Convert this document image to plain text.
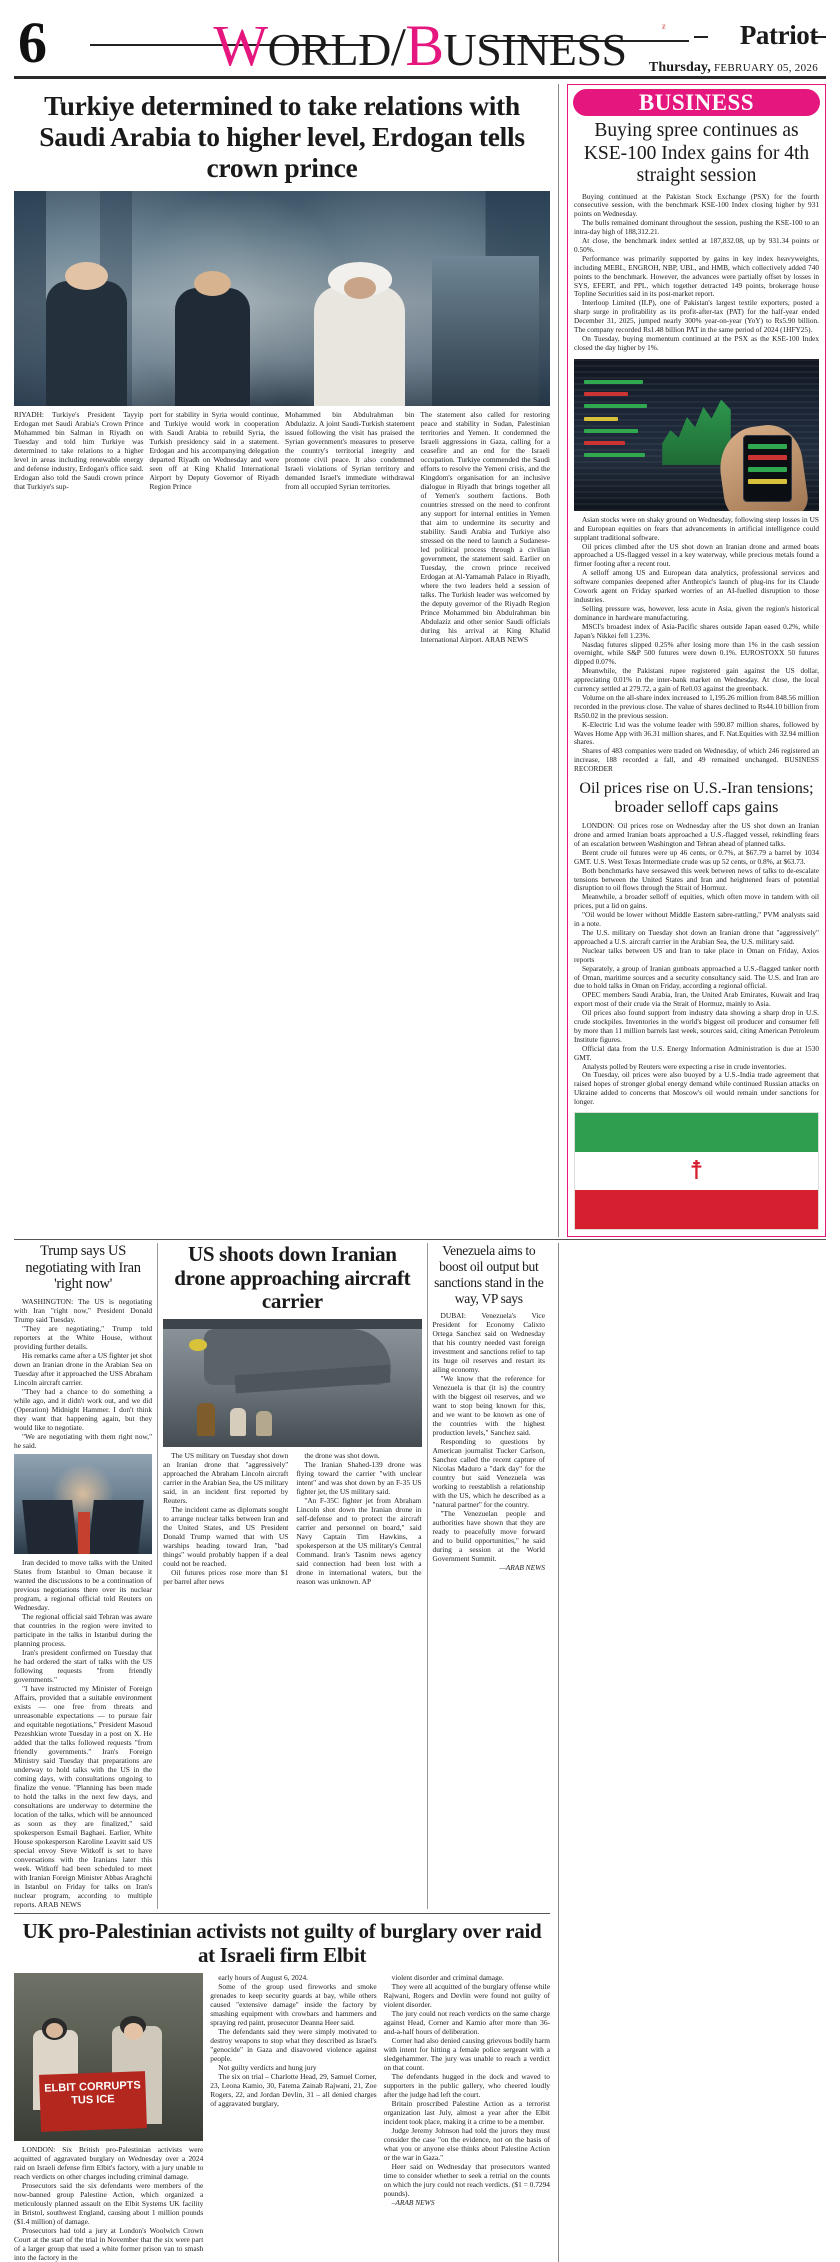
6	WORLD/BUSINESS	z	Patriot
Thursday, FEBRUARY 05, 2026
Turkiye determined to take relations with Saudi Arabia to higher level, Erdogan tells crown prince
RIYADH: Turkiye's President Tayyip Erdogan met Saudi Arabia's Crown Prince Mohammed bin Salman in Riyadh on Tuesday and told him Turkiye was determined to take relations to a higher level in areas including renewable energy and defense industry, Erdogan's office said. Erdogan also told the Saudi crown prince that Turkiye's sup-
port for stability in Syria would continue, and Turkiye would work in cooperation with Saudi Arabia to rebuild Syria, the Turkish presidency said in a statement. Erdogan and his accompanying delegation departed Riyadh on Wednesday and were seen off at King Khalid International Airport by Deputy Governor of Riyadh Region Prince
Mohammed bin Abdulrahman bin Abdulaziz. A joint Saudi-Turkish statement issued following the visit has praised the Syrian government's measures to preserve the country's territorial integrity and promote civil peace. It also condemned Israeli violations of Syrian territory and demanded Israel's immediate withdrawal from all occupied Syrian territories.
The statement also called for restoring peace and stability in Sudan, Palestinian territories and Yemen. It condemned the Israeli aggressions in Gaza, calling for a ceasefire and an end for the Israeli occupation. Turkiye commended the Saudi efforts to resolve the Yemeni crisis, and the Kingdom's organisation for an inclusive dialogue in Riyadh that brings together all of Yemen's southern factions. Both countries stressed on the need to confront any support for internal entities in Yemen that aim to undermine its security and stability. Saudi Arabia and Turkiye also stressed on the need to launch a Sudanese-led political process through a civilian government, the statement said. Earlier on Tuesday, the crown prince received Erdogan at Al-Yamamah Palace in Riyadh, where the two leaders held a session of talks. The Turkish leader was welcomed by the deputy governor of the Riyadh Region Prince Mohammed bin Abdulrahman bin Abdulaziz and other senior Saudi officials during his arrival at King Khalid International Airport. ARAB NEWS
BUSINESS
Buying spree continues as KSE-100 Index gains for 4th straight session

Buying continued at the Pakistan Stock Exchange (PSX) for the fourth consecutive session, with the benchmark KSE-100 Index closing higher by 931 points on Wednesday.

The bulls remained dominant throughout the session, pushing the KSE-100 to an intra-day high of 188,312.21.

At close, the benchmark index settled at 187,832.08, up by 931.34 points or 0.50%.

Performance was primarily supported by gains in key index heavyweights, including MEBL, ENGROH, NBP, UBL, and HMB, which collectively added 740 points to the benchmark. However, the advances were partially offset by losses in SYS, EFERT, and PPL, which together detracted 149 points, brokerage house Topline Securities said in its post-market report.

Interloop Limited (ILP), one of Pakistan's largest textile exporters, posted a sharp surge in profitability as its profit-after-tax (PAT) for the half-year ended December 31, 2025, jumped nearly 300% year-on-year (YoY) to Rs5.90 billion. The company recorded Rs1.48 billion PAT in the same period of 2024 (1HFY25).

On Tuesday, buying momentum continued at the PSX as the KSE-100 Index closed the day higher by 1%.

Asian stocks were on shaky ground on Wednesday, following steep losses in US and European equities on fears that advancements in artificial intelligence could supplant traditional software.

Oil prices climbed after the US shot down an Iranian drone and armed boats approached a US-flagged vessel in a key waterway, while precious metals found a firmer footing after a recent rout.

A selloff among US and European data analytics, professional services and software companies deepened after Anthropic's launch of plug-ins for its Claude Cowork agent on Friday sparked worries of an AI-fuelled disruption to those industries.

Selling pressure was, however, less acute in Asia, given the region's historical dominance in hardware manufacturing.

MSCI's broadest index of Asia-Pacific shares outside Japan eased 0.2%, while Japan's Nikkei fell 1.23%.

Nasdaq futures slipped 0.25% after losing more than 1% in the cash session overnight, while S&P 500 futures were down 0.1%. EUROSTOXX 50 futures dipped 0.07%.

Meanwhile, the Pakistani rupee registered gain against the US dollar, appreciating 0.01% in the inter-bank market on Wednesday. At close, the local currency settled at 279.72, a gain of Re0.03 against the greenback.

Volume on the all-share index increased to 1,195.26 million from 848.56 million recorded in the previous close. The value of shares declined to Rs44.10 billion from Rs50.02 in the previous session.

K-Electric Ltd was the volume leader with 590.87 million shares, followed by Waves Home App with 36.31 million shares, and F. Nat.Equities with 32.94 million shares.

Shares of 483 companies were traded on Wednesday, of which 246 registered an increase, 188 recorded a fall, and 49 remained unchanged. BUSINESS RECORDER

Oil prices rise on U.S.-Iran tensions; broader selloff caps gains

LONDON: Oil prices rose on Wednesday after the US shot down an Iranian drone and armed Iranian boats approached a U.S.-flagged vessel, rekindling fears of an escalation between Washington and Tehran ahead of planned talks.

Brent crude oil futures were up 46 cents, or 0.7%, at $67.79 a barrel by 1034 GMT. U.S. West Texas Intermediate crude was up 52 cents, or 0.8%, at $63.73.

Both benchmarks have seesawed this week between news of talks to de-escalate tensions between the United States and Iran and heightened fears of potential disruption to oil flows through the Strait of Hormuz.

Meanwhile, a broader selloff of equities, which often move in tandem with oil prices, put a lid on gains.

"Oil would be lower without Middle Eastern sabre-rattling," PVM analysts said in a note.

The U.S. military on Tuesday shot down an Iranian drone that "aggressively" approached a U.S. aircraft carrier in the Arabian Sea, the U.S. military said.

Nuclear talks between US and Iran to take place in Oman on Friday, Axios reports

Separately, a group of Iranian gunboats approached a U.S.-flagged tanker north of Oman, maritime sources and a security consultancy said. The U.S. and Iran are due to hold talks in Oman on Friday, according a regional official.

OPEC members Saudi Arabia, Iran, the United Arab Emirates, Kuwait and Iraq export most of their crude via the Strait of Hormuz, mainly to Asia.

Oil prices also found support from industry data showing a sharp drop in U.S. crude stockpiles. Inventories in the world's biggest oil producer and consumer fell by more than 11 million barrels last week, sources said, citing American Petroleum Institute figures.

Official data from the U.S. Energy Information Administration is due at 1530 GMT.

Analysts polled by Reuters were expecting a rise in crude inventories.

On Tuesday, oil prices were also buoyed by a U.S.-India trade agreement that raised hopes of stronger global energy demand while continued Russian attacks on Ukraine added to concerns that Moscow's oil would remain under sanctions for longer.

☨
Trump says US negotiating with Iran 'right now'

WASHINGTON: The US is negotiating with Iran "right now," President Donald Trump said Tuesday.

"They are negotiating," Trump told reporters at the White House, without providing further details.

His remarks came after a US fighter jet shot down an Iranian drone in the Arabian Sea on Tuesday after it approached the USS Abraham Lincoln aircraft carrier.

"They had a chance to do something a while ago, and it didn't work out, and we did (Operation) Midnight Hammer. I don't think they want that happening again, but they would like to negotiate.

"We are negotiating with them right now," he said.

Iran decided to move talks with the United States from Istanbul to Oman because it wanted the discussions to be a continuation of previous negotiations there over its nuclear program, a regional official told Reuters on Wednesday.

The regional official said Tehran was aware that countries in the region were invited to participate in the talks in Istanbul during the planning process.

Iran's president confirmed on Tuesday that he had ordered the start of talks with the US following requests "from friendly governments."

"I have instructed my Minister of Foreign Affairs, provided that a suitable environment exists — one free from threats and unreasonable expectations — to pursue fair and equitable negotiations," President Masoud Pezeshkian wrote Tuesday in a post on X. He added that the talks followed requests "from friendly governments." Iran's Foreign Ministry said Tuesday that preparations are underway to hold talks with the US in the coming days, with consultations ongoing to finalize the venue. "Planning has been made to hold the talks in the next few days, and consultations are underway to determine the location of the talks, which will be announced as soon as they are finalized," said spokesperson Esmail Baghaei. Earlier, White House spokesperson Karoline Leavitt said US special envoy Steve Witkoff is set to have conversations with the Iranians later this week. Witkoff had been scheduled to meet with Iranian Foreign Minister Abbas Araghchi in Istanbul on Friday for talks on Iran's nuclear program, according to multiple reports. ARAB NEWS

US shoots down Iranian drone approaching aircraft carrier

The US military on Tuesday shot down an Iranian drone that "aggressively" approached the Abraham Lincoln aircraft carrier in the Arabian Sea, the US military said, in an incident first reported by Reuters.

The incident came as diplomats sought to arrange nuclear talks between Iran and the United States, and US President Donald Trump warned that with US warships heading toward Iran, "bad things" would probably happen if a deal could not be reached.

Oil futures prices rose more than $1 per barrel after news

the drone was shot down.

The Iranian Shahed-139 drone was flying toward the carrier "with unclear intent" and was shot down by an F-35 US fighter jet, the US military said.

"An F-35C fighter jet from Abraham Lincoln shot down the Iranian drone in self-defense and to protect the aircraft carrier and personnel on board," said Navy Captain Tim Hawkins, a spokesperson at the US military's Central Command. Iran's Tasnim news agency said connection had been lost with a drone in international waters, but the reason was unknown. AP

Venezuela aims to boost oil output but sanctions stand in the way, VP says

DUBAI: Venezuela's Vice President for Economy Calixto Ortega Sanchez said on Wednesday that his country needed vast foreign investment and sanctions relief to tap its huge oil reserves and restart its ailing economy.

"We know that the reference for Venezuela is that (it is) the country with the biggest oil reserves, and we want to stop being known for this, and we want to be known as one of the countries with the highest production levels," Sanchez said.

Responding to questions by American journalist Tucker Carlson, Sanchez called the recent capture of Nicolas Maduro a "dark day" for the country but said Venezuela was working to reestablish a relationship with the US, which he described as a "natural partner" for the country.

"The Venezuelan people and authorities have shown that they are ready to peacefully move forward and to build opportunities," he said during a session at the World Government Summit.

—ARAB NEWS

UK pro-Palestinian activists not guilty of burglary over raid at Israeli firm Elbit
ELBIT CORRUPTS TUS ICE

LONDON: Six British pro-Palestinian activists were acquitted of aggravated burglary on Wednesday over a 2024 raid on Israeli defense firm Elbit's factory, with a jury unable to reach verdicts on other charges including criminal damage.

Prosecutors said the six defendants were members of the now-banned group Palestine Action, which organized a meticulously planned assault on the Elbit Systems UK facility in Bristol, southwest England, causing about 1 million pounds ($1.4 million) of damage.

Prosecutors had told a jury at London's Woolwich Crown Court at the start of the trial in November that the six were part of a larger group that used a white former prison van to smash into the factory in the

early hours of August 6, 2024.

Some of the group used fireworks and smoke grenades to keep security guards at bay, while others caused "extensive damage" inside the factory by smashing equipment with crowbars and hammers and spraying red paint, prosecutor Deanna Heer said.

The defendants said they were simply motivated to destroy weapons to stop what they described as Israel's "genocide" in Gaza and disavowed violence against people.

Not guilty verdicts and hung jury

The six on trial – Charlotte Head, 29, Samuel Corner, 23, Leona Kamio, 30, Fatema Zainab Rajwani, 21, Zoe Rogers, 22, and Jordan Devlin, 31 – all denied charges of aggravated burglary,

violent disorder and criminal damage.

They were all acquitted of the burglary offense while Rajwani, Rogers and Devlin were found not guilty of violent disorder.

The jury could not reach verdicts on the same charge against Head, Corner and Kamio after more than 36-and-a-half hours of deliberation.

Corner had also denied causing grievous bodily harm with intent for hitting a female police sergeant with a sledgehammer. The jury was unable to reach a verdict on that count.

The defendants hugged in the dock and waved to supporters in the public gallery, who cheered loudly after the judge had left the court.

Britain proscribed Palestine Action as a terrorist organization last July, almost a year after the Elbit incident took place, making it a crime to be a member.

Judge Jeremy Johnson had told the jurors they must consider the case "on the evidence, not on the basis of what you or anyone else thinks about Palestine Action or the war in Gaza."

Heer said on Wednesday that prosecutors wanted time to consider whether to seek a retrial on the counts on which the jury could not reach verdicts. ($1 = 0.7294 pounds).

–ARAB NEWS
